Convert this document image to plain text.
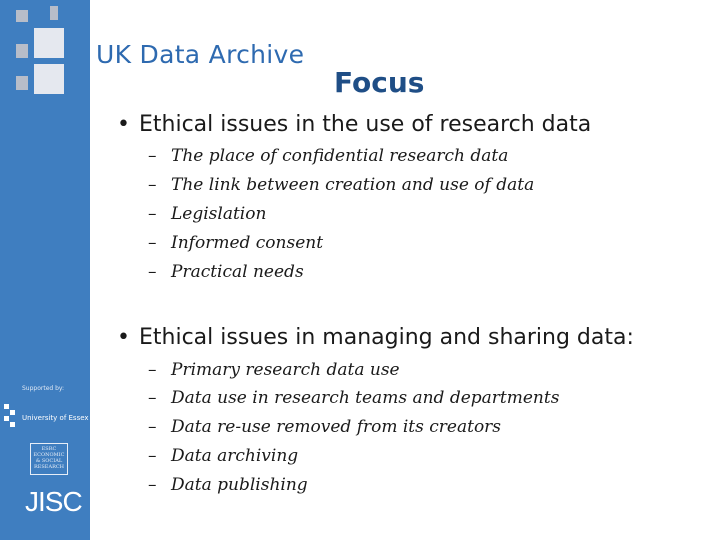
Supported by:
University of Essex
ESRC
ECONOMIC
& SOCIAL
RESEARCH
JISC
UK Data Archive
Focus
• Ethical issues in the use of research data
– The place of confidential research data
– The link between creation and use of data
– Legislation
– Informed consent
– Practical needs
• Ethical issues in managing and sharing data:
– Primary research data use
– Data use in research teams and departments
– Data re-use removed from its creators
– Data archiving
– Data publishing
